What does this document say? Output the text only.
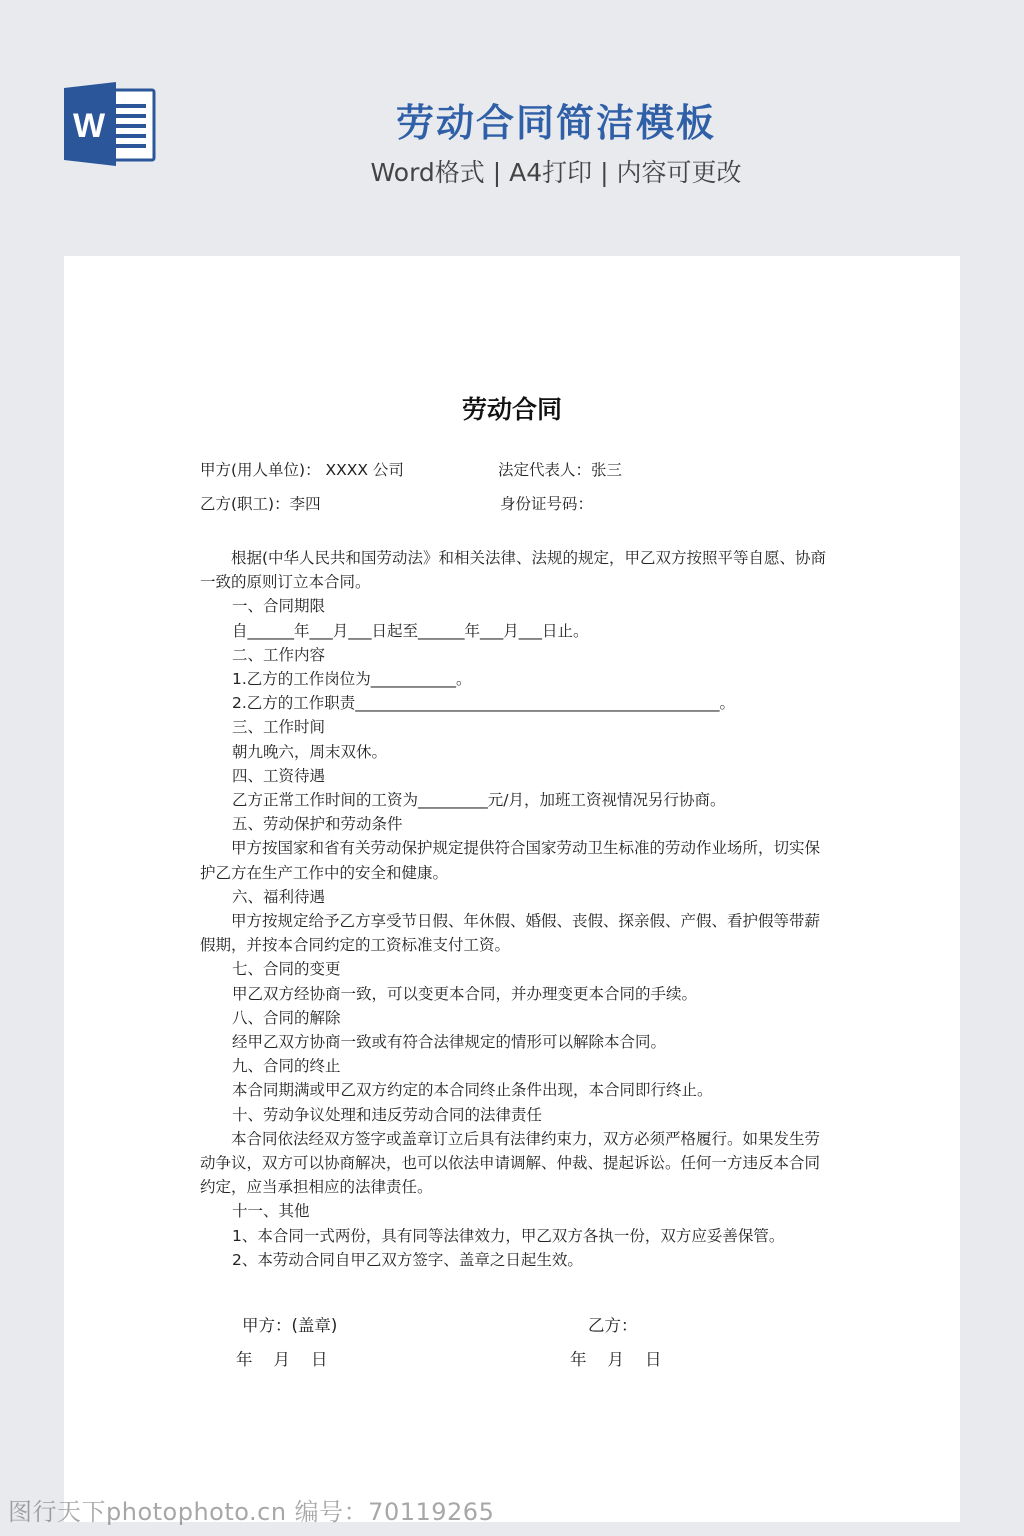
W	劳动合同简洁模板
Word格式 | A4打印 | 内容可更改
劳动合同
甲方(用人单位)： XXXX 公司	法定代表人：张三
乙方(职工)：李四	身份证号码：

根据(中华人民共和国劳动法》和相关法律、法规的规定，甲乙双方按照平等自愿、协商一致的原则订立本合同。

一、合同期限

自______年___月___日起至______年___月___日止。

二、工作内容

1.乙方的工作岗位为___________。

2.乙方的工作职责_______________________________________________。

三、工作时间

朝九晚六，周末双休。

四、工资待遇

乙方正常工作时间的工资为_________元/月，加班工资视情况另行协商。

五、劳动保护和劳动条件

甲方按国家和省有关劳动保护规定提供符合国家劳动卫生标准的劳动作业场所，切实保护乙方在生产工作中的安全和健康。

六、福利待遇

甲方按规定给予乙方享受节日假、年休假、婚假、丧假、探亲假、产假、看护假等带薪假期，并按本合同约定的工资标准支付工资。

七、合同的变更

甲乙双方经协商一致，可以变更本合同，并办理变更本合同的手续。

八、合同的解除

经甲乙双方协商一致或有符合法律规定的情形可以解除本合同。

九、合同的终止

本合同期满或甲乙双方约定的本合同终止条件出现，本合同即行终止。

十、劳动争议处理和违反劳动合同的法律责任

本合同依法经双方签字或盖章订立后具有法律约束力，双方必须严格履行。如果发生劳动争议，双方可以协商解决，也可以依法申请调解、仲裁、提起诉讼。任何一方违反本合同约定，应当承担相应的法律责任。

十一、其他

1、本合同一式两份，具有同等法律效力，甲乙双方各执一份，双方应妥善保管。

2、本劳动合同自甲乙双方签字、盖章之日起生效。

甲方：(盖章)	乙方：
年    月    日	年    月    日
图行天下photophoto.cn 编号：70119265
